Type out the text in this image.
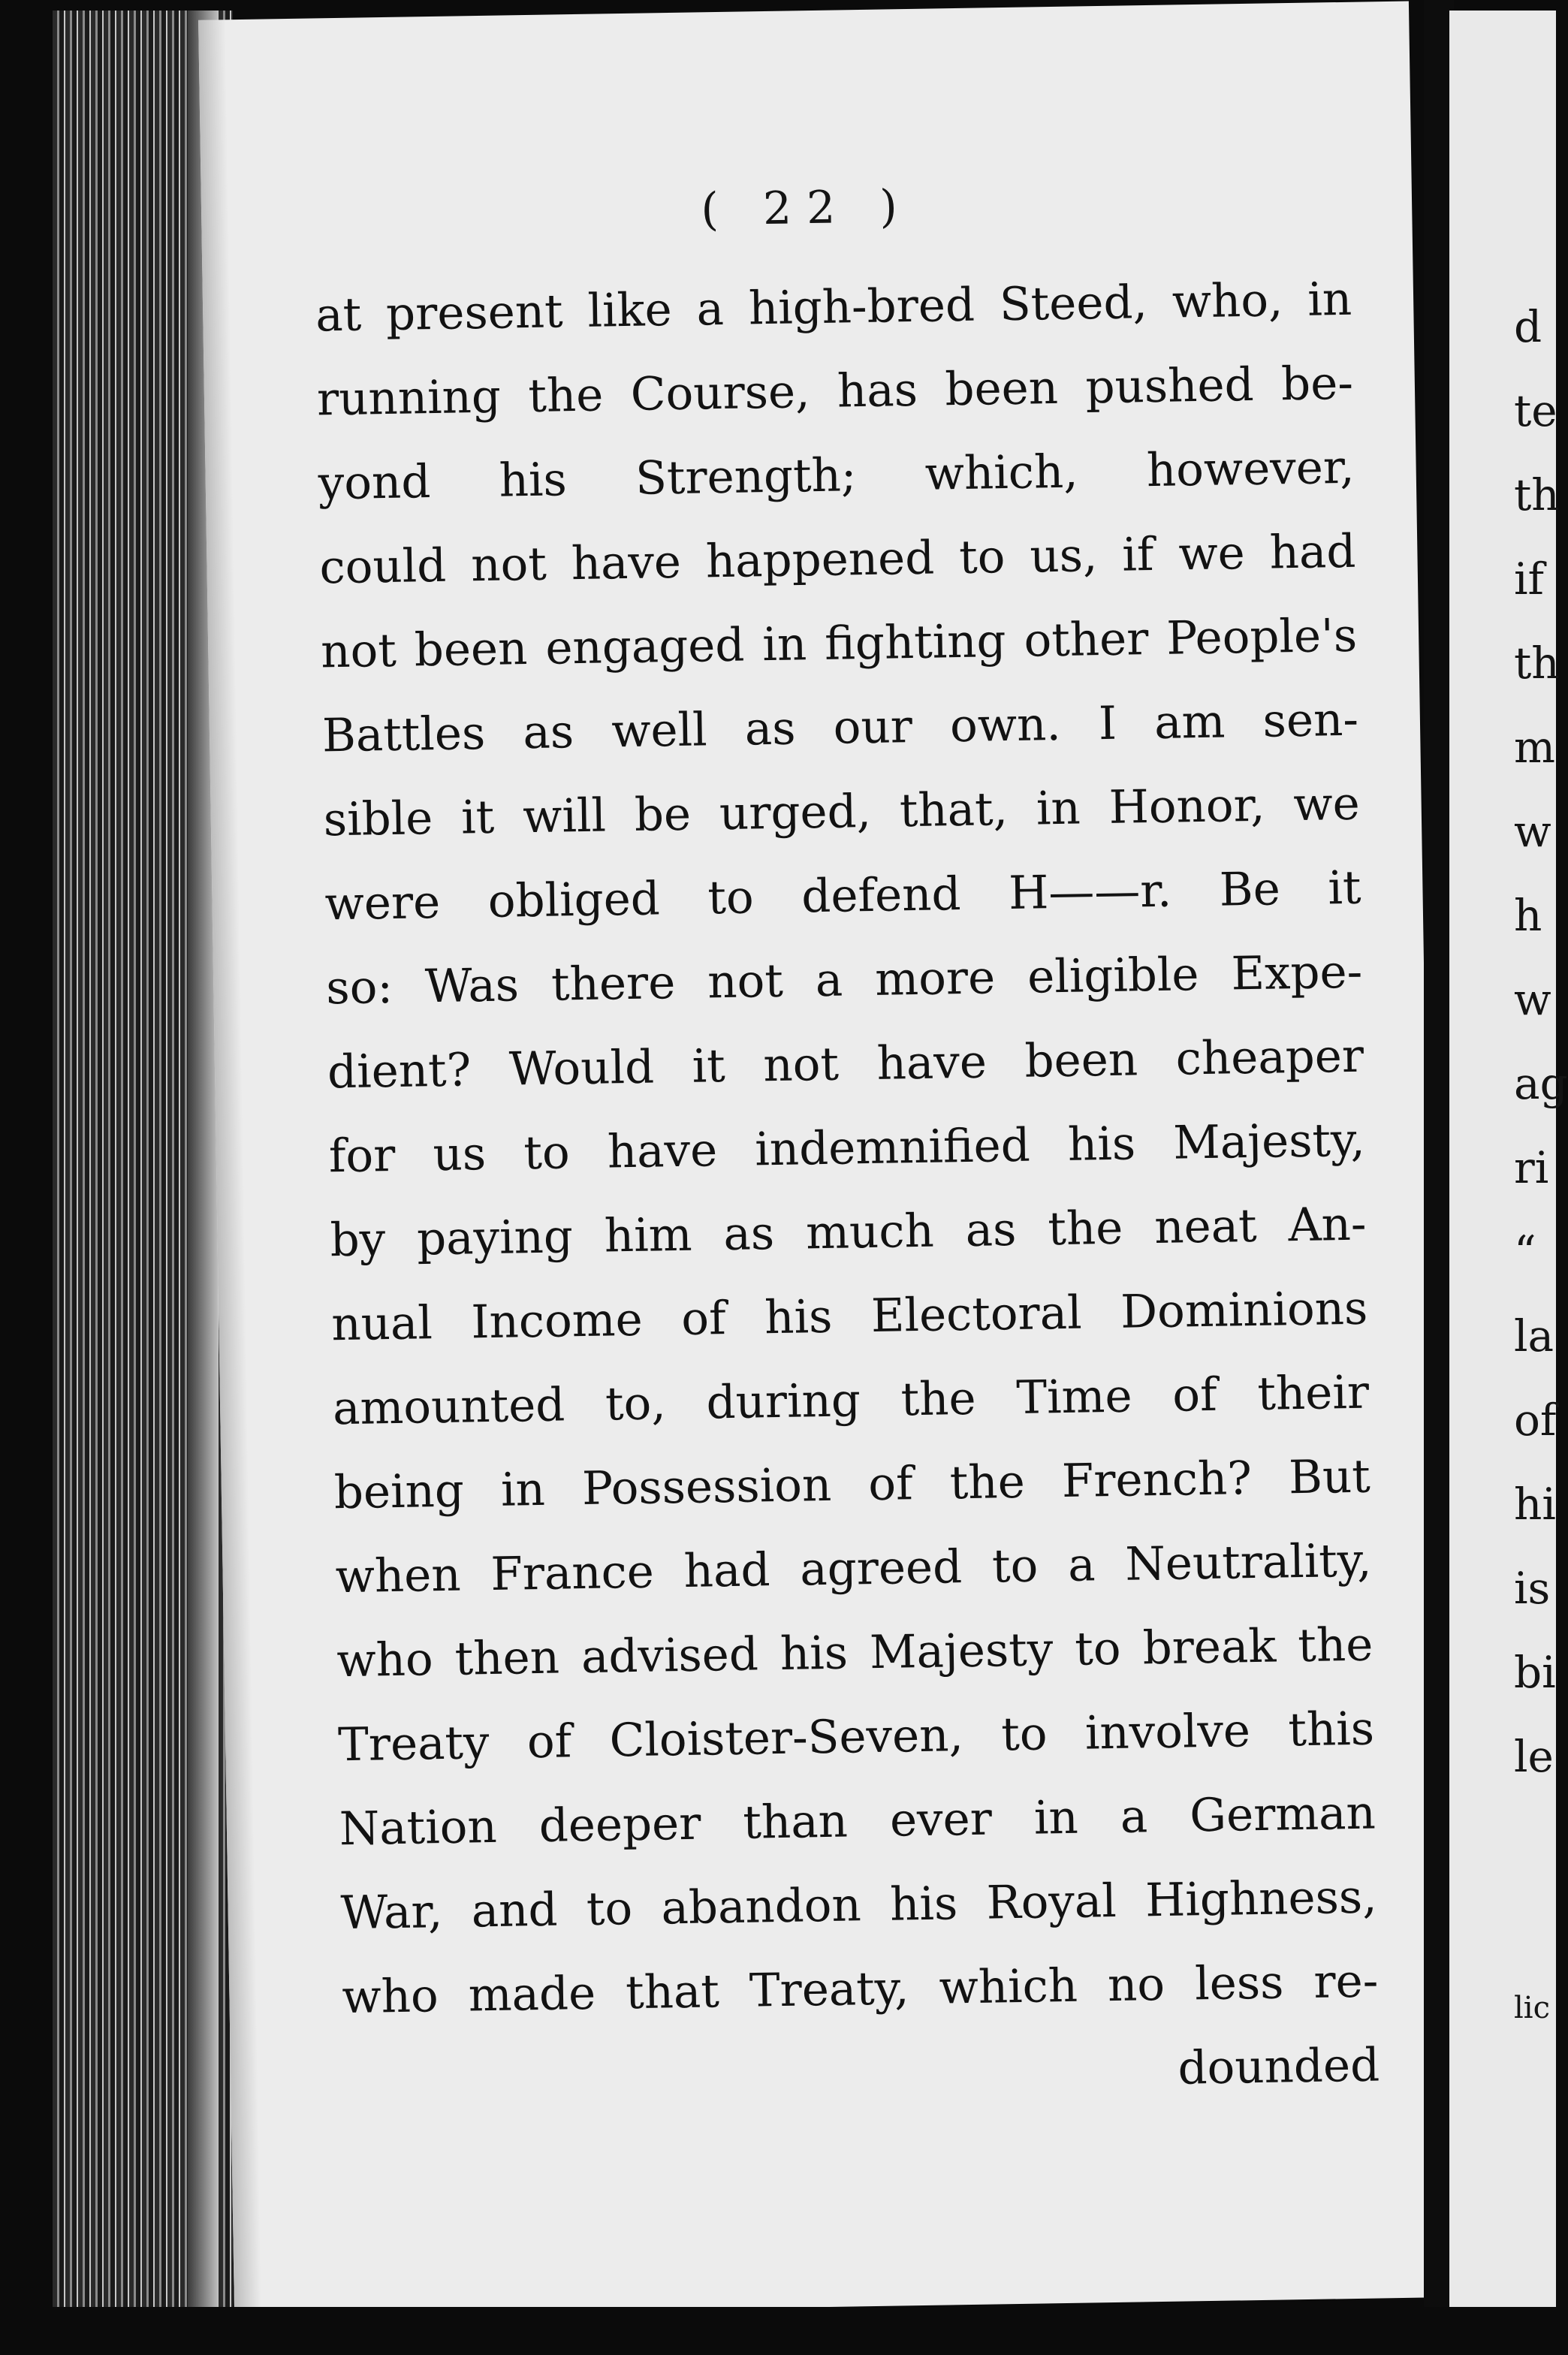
( 22 )
at present like a high-bred Steed, who, in
running the Course, has been pushed be-
yond his Strength; which, however,
could not have happened to us, if we had
not been engaged in fighting other People's
Battles as well as our own. I am sen-
sible it will be urged, that, in Honor, we
were obliged to defend H——r. Be it
so: Was there not a more eligible Expe-
dient? Would it not have been cheaper
for us to have indemnified his Majesty,
by paying him as much as the neat An-
nual Income of his Electoral Dominions
amounted to, during the Time of their
being in Possession of the French? But
when France had agreed to a Neutrality,
who then advised his Majesty to break the
Treaty of Cloister-Seven, to involve this
Nation deeper than ever in a German
War, and to abandon his Royal Highness,
who made that Treaty, which no less re-
dounded
d
te
th
if
th
m
w
h
w
ag
ri
“
la
of
hi
is
bi
le
lic
